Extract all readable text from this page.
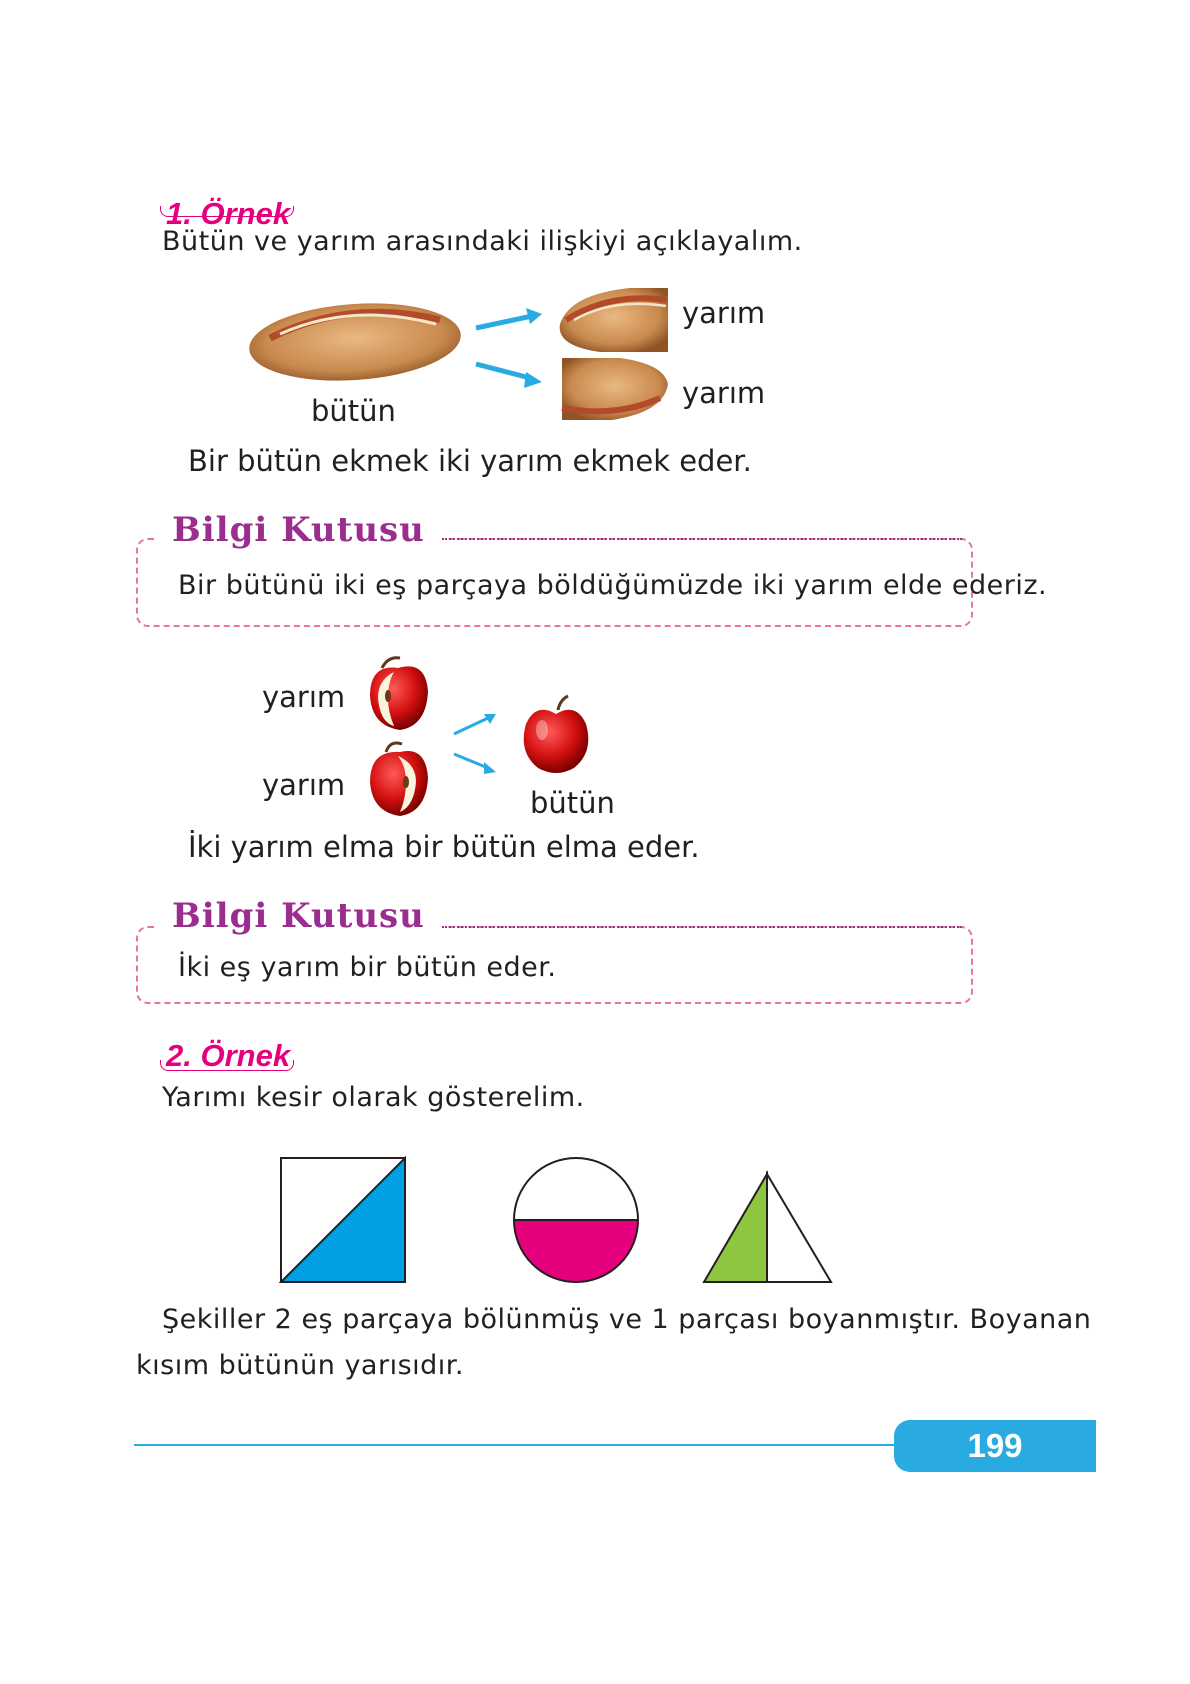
1. Örnek
Bütün ve yarım arasındaki ilişkiyi açıklayalım.
yarım
yarım
bütün
Bir bütün ekmek iki yarım ekmek eder.
Bilgi Kutusu
Bir bütünü iki eş parçaya böldüğümüzde iki yarım elde ederiz.
yarım
yarım
bütün
İki yarım elma bir bütün elma eder.
Bilgi Kutusu
İki eş yarım bir bütün eder.
2. Örnek
Yarımı kesir olarak gösterelim.
Şekiller 2 eş parçaya bölünmüş ve 1 parçası boyanmıştır. Boyanan
kısım bütünün yarısıdır.
199
